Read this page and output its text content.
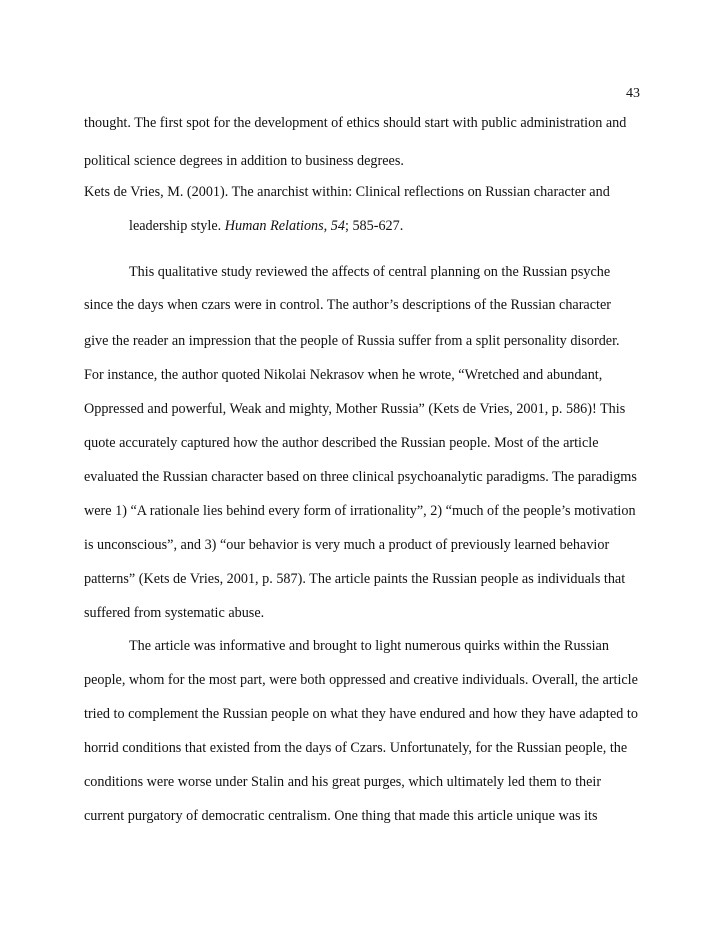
43
thought. The first spot for the development of ethics should start with public administration and
political science degrees in addition to business degrees.
Kets de Vries, M. (2001). The anarchist within: Clinical reflections on Russian character and
leadership style. Human Relations, 54; 585-627.
This qualitative study reviewed the affects of central planning on the Russian psyche
since the days when czars were in control. The author’s descriptions of the Russian character
give the reader an impression that the people of Russia suffer from a split personality disorder.
For instance, the author quoted Nikolai Nekrasov when he wrote, “Wretched and abundant,
Oppressed and powerful, Weak and mighty, Mother Russia” (Kets de Vries, 2001, p. 586)! This
quote accurately captured how the author described the Russian people. Most of the article
evaluated the Russian character based on three clinical psychoanalytic paradigms. The paradigms
were 1) “A rationale lies behind every form of irrationality”, 2) “much of the people’s motivation
is unconscious”, and 3) “our behavior is very much a product of previously learned behavior
patterns” (Kets de Vries, 2001, p. 587). The article paints the Russian people as individuals that
suffered from systematic abuse.
The article was informative and brought to light numerous quirks within the Russian
people, whom for the most part, were both oppressed and creative individuals. Overall, the article
tried to complement the Russian people on what they have endured and how they have adapted to
horrid conditions that existed from the days of Czars. Unfortunately, for the Russian people, the
conditions were worse under Stalin and his great purges, which ultimately led them to their
current purgatory of democratic centralism. One thing that made this article unique was its
